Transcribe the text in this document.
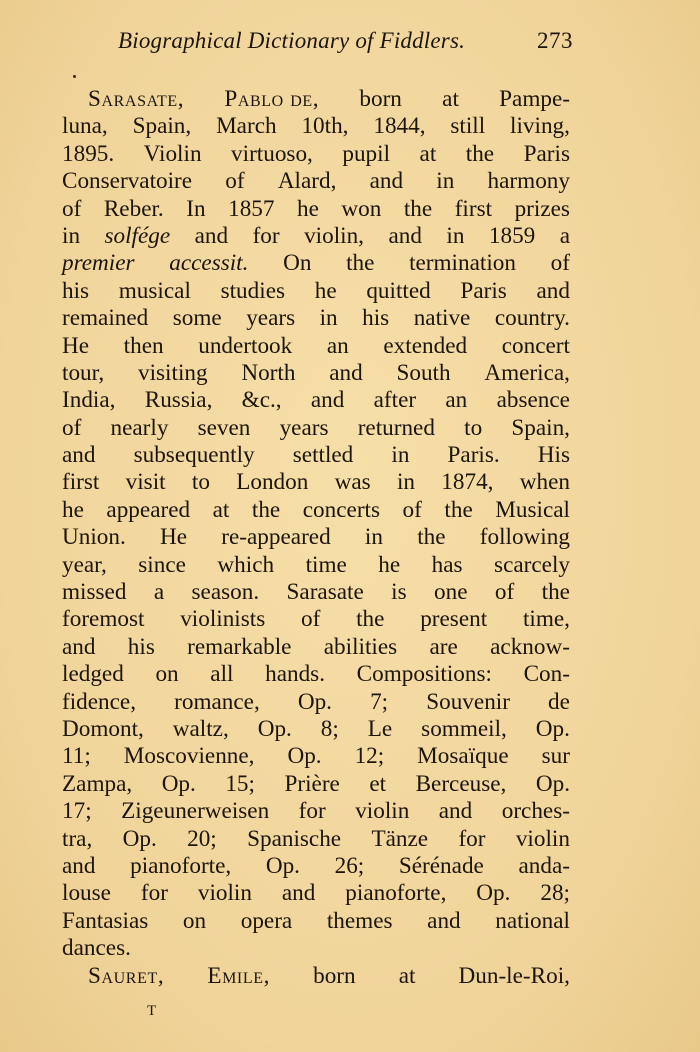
Biographical Dictionary of Fiddlers.	273
Sarasate, Pablo de, born at Pampe-
luna, Spain, March 10th, 1844, still living,
1895. Violin virtuoso, pupil at the Paris
Conservatoire of Alard, and in harmony
of Reber. In 1857 he won the first prizes
in solfége and for violin, and in 1859 a
premier accessit. On the termination of
his musical studies he quitted Paris and
remained some years in his native country.
He then undertook an extended concert
tour, visiting North and South America,
India, Russia, &c., and after an absence
of nearly seven years returned to Spain,
and subsequently settled in Paris. His
first visit to London was in 1874, when
he appeared at the concerts of the Musical
Union. He re-appeared in the following
year, since which time he has scarcely
missed a season. Sarasate is one of the
foremost violinists of the present time,
and his remarkable abilities are acknow-
ledged on all hands. Compositions: Con-
fidence, romance, Op. 7; Souvenir de
Domont, waltz, Op. 8; Le sommeil, Op.
11; Moscovienne, Op. 12; Mosaïque sur
Zampa, Op. 15; Prière et Berceuse, Op.
17; Zigeunerweisen for violin and orches-
tra, Op. 20; Spanische Tänze for violin
and pianoforte, Op. 26; Sérénade anda-
louse for violin and pianoforte, Op. 28;
Fantasias on opera themes and national
dances.
Sauret, Emile, born at Dun-le-Roi,
T
